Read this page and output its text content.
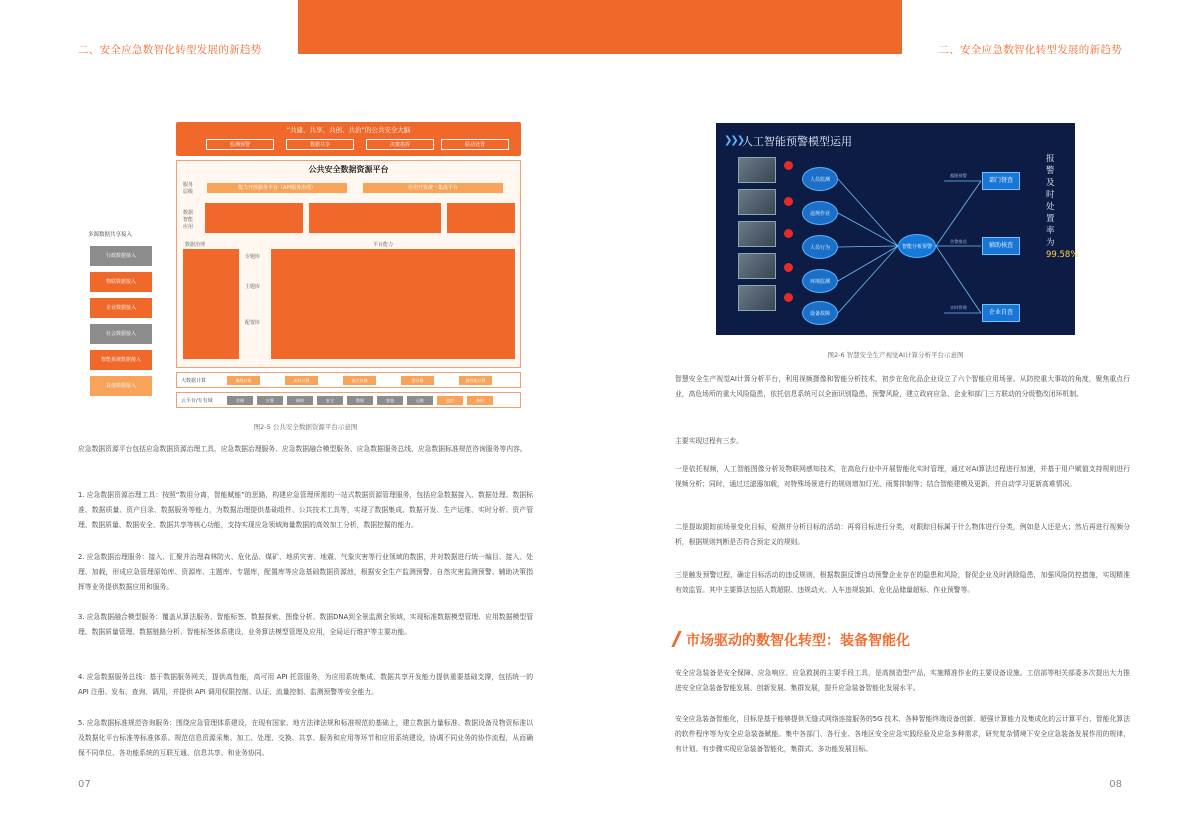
二、安全应急数智化转型发展的新趋势	二、安全应急数智化转型发展的新趋势
“共建、共享、共创、共治”的公共安全大脑
监测预警	数据共享	决策指挥	联动处置
公共安全数据资源平台
服务 层级
能力开放服务平台（API服务治理）	应用开发统一集成平台
数据 智能 应用
数据治理
专题库
主题库
配置库
平台能力
多源数据共享接入
行政数据接入
物联数据接入
企业数据接入
社会数据接入
智能系统数据接入
其他数据接入
大数据计算	离线计算	实时计算	流式处理	图计算	高性能计算
云平台/专有域	存储	计算	网络	安全	数据	容器	运维	监控	备份
图2-5 公共安全数据资源平台示意图
应急数据资源平台包括应急数据资源治理工具、应急数据治理服务、应急数据融合模型服务、应急数据服务总线、应急数据标准规范咨询服务等内容。
1. 应急数据资源治理工具：按照“数用分离，智能赋能”的思路，构建应急管理所需的一站式数据资源管理服务，包括应急数据接入、数据处理、数据标准、数据质量、资产目录、数据服务等能力，为数据治理提供基础组件、公共技术工具等，实现了数据集成、数据开发、生产运维、实时分析、资产管理、数据质量、数据安全、数据共享等核心功能，支持实现应急领域海量数据的高效加工分析，数据挖掘的能力。
2. 应急数据治理服务：接入、汇聚并治理森林防火、危化品、煤矿、地质灾害、地震、气象灾害等行业领域的数据，并对数据进行统一编目、接入、处理、加载，形成应急管理原始库、资源库、主题库、专题库，配置库等应急基础数据资源池，根据安全生产监测预警、自然灾害监测预警、辅助决策指挥等业务提供数据应用和服务。
3. 应急数据融合模型服务：覆盖从算法服务、智能标签、数据探索、图像分析、数据DNA到全景监测全领域，实现标准数据模型管理、应用数据模型管理、数据质量管理、数据链路分析、智能标签体系建设、业务算法模型管理及应用，全局运行维护等主要功能。
4. 应急数据服务总线：基于数据服务网关，提供高性能，高可用 API 托管服务，为应用系统集成、数据共享开发能力提供重要基础支撑，包括统一的 API 注册、发布、查询、调用，并提供 API 调用权限控制、认证、流量控制、监测预警等安全能力。
5. 应急数据标准规范咨询服务：围绕应急管理体系建设，在现有国家、地方法律法规和标准规范的基础上，建立数据力量标准、数据设备及物资标准以及数据化平台标准等标准体系。规范信息资源采集、加工、处理、交换、共享、服务和应用等环节和应用系统建设，协调不同业务的协作流程，从而确保不同单位、各功能系统的互联互通、信息共享、和业务协同。
❯❯❯
人工智能预警模型运用
人员监测
违规作业
人员行为
环境监测
设备故障
智能分析预警
部门督查
辅助核查
企业自查
超限预警
告警推送
实时管理
报警及时处置率为
99.58%
图2-6 智慧安全生产视觉AI计算分析平台示意图
智慧安全生产视觉AI计算分析平台，利用视频摄像和智能分析技术，初步在危化品企业设立了六个智能应用场景。从防控重大事故的角度，聚焦重点行业，高危场所的重大风险隐患，依托信息系统可以全面识别隐患，预警风险，建立政府应急、企业和部门三方联动的分级整改闭环机制。
主要实现过程有三步。
一是依托视频，人工智能图像分析及物联网感知技术，在高危行业中开展智能化实时管理，通过对AI算法过程进行加速，并基于用户赋值支持规则进行视频分析；同时，通过过滤器加载，对特殊场景进行的规则增加灯光、雨雾抑制等；结合智能建模及更新，并自动学习更新高难情况。
二是提取跟踪前场景变化目标，检测并分析目标的活动：再将目标进行分类，对跟踪目标属于什么物体进行分类，例如是人还是火；然后再进行视频分析，根据规则判断是否符合预定义的规则。
三是触发预警过程，确定目标活动的违反规则，根据数据反馈自动预警企业存在的隐患和风险，督促企业及时消除隐患，加强风险防控措施，实现精准有效监管。其中主要算法包括人数超限、违规动火、人车违规装卸、危化品储量超标、作业预警等。
市场驱动的数智化转型：装备智能化
安全应急装备是安全保障、应急响应、应急救援的主要手段工具，是高制造型产品，实施精准作业的主要设备设施。工信部等相关部委多次提出大力推进安全应急装备智能发展、创新发展、集群发展，提升应急装备智能化发展水平。
安全应急装备智能化，目标是基于能够提供无缝式网络连接服务的5G 技术、各种智能终端设备创新、超强计算能力及集成化的云计算平台、智能化算法的软件程序等为安全应急装备赋能。集中各部门、各行业、各地区安全应急实践经验及应急多种需求，研究复杂情境下安全应急装备发展作用的规律，有计划、有步骤实现应急装备智能化，集群式、多功能发展目标。
07	08
